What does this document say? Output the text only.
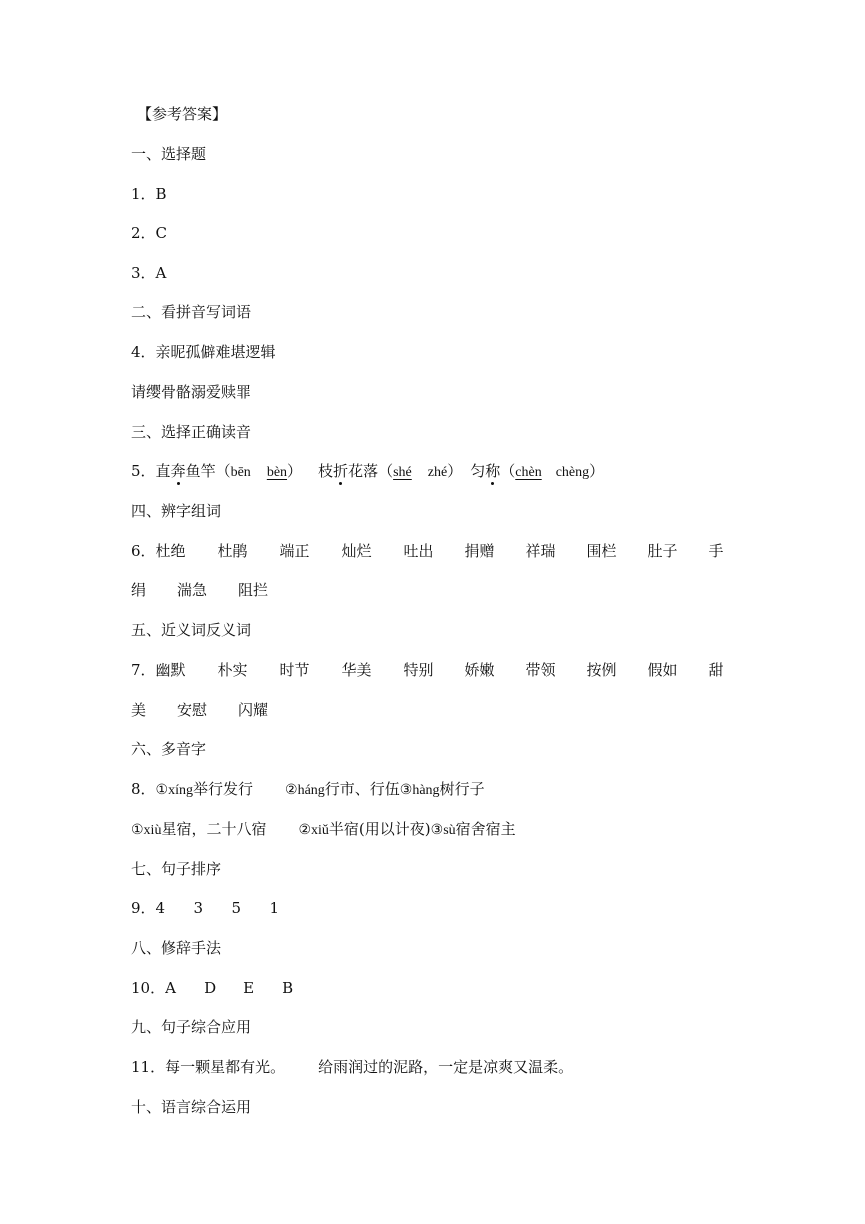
【参考答案】
一、选择题
1．B
2．C
3．A
二、看拼音写词语
4．亲昵孤僻难堪逻辑
请缨骨骼溺爱赎罪
三、选择正确读音
5．直奔鱼竿（bēn bèn） 枝折花落（shé zhé） 匀称（chèn chèng）
四、辨字组词
6．杜绝 杜鹃 端正 灿烂 吐出 捐赠 祥瑞 围栏 肚子 手
绢 湍急 阻拦
五、近义词反义词
7．幽默 朴实 时节 华美 特别 娇嫩 带领 按例 假如 甜
美 安慰 闪耀
六、多音字
8．①xíng举行发行 ②háng行市、行伍③hàng树行子
①xiù星宿，二十八宿 ②xiǔ半宿(用以计夜)③sù宿舍宿主
七、句子排序
9．4 3 5 1
八、修辞手法
10．A D E B
九、句子综合应用
11．每一颗星都有光。 给雨润过的泥路，一定是凉爽又温柔。
十、语言综合运用
